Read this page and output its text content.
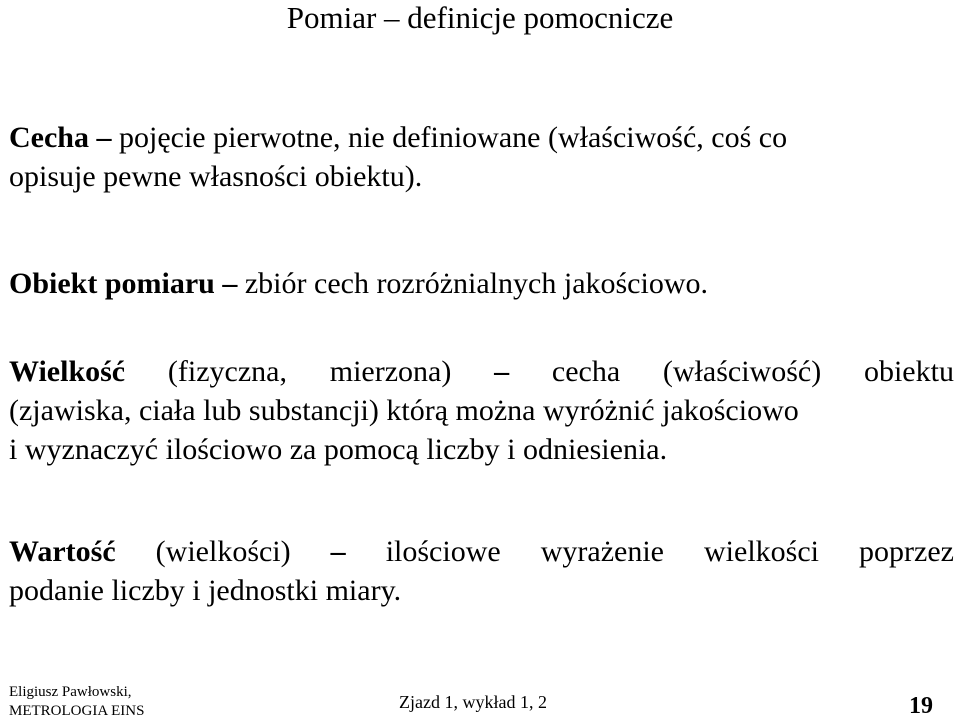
Pomiar – definicje pomocnicze
Cecha – pojęcie pierwotne, nie definiowane (właściwość, coś co
opisuje pewne własności obiektu).
Obiekt pomiaru – zbiór cech rozróżnialnych jakościowo.
Wielkość (fizyczna, mierzona) – cecha (właściwość) obiektu
(zjawiska, ciała lub substancji) którą można wyróżnić jakościowo
i wyznaczyć ilościowo za pomocą liczby i odniesienia.
Wartość (wielkości) – ilościowe wyrażenie wielkości poprzez
podanie liczby i jednostki miary.
Eligiusz Pawłowski,
METROLOGIA EINS	Zjazd 1, wykład 1, 2	19
